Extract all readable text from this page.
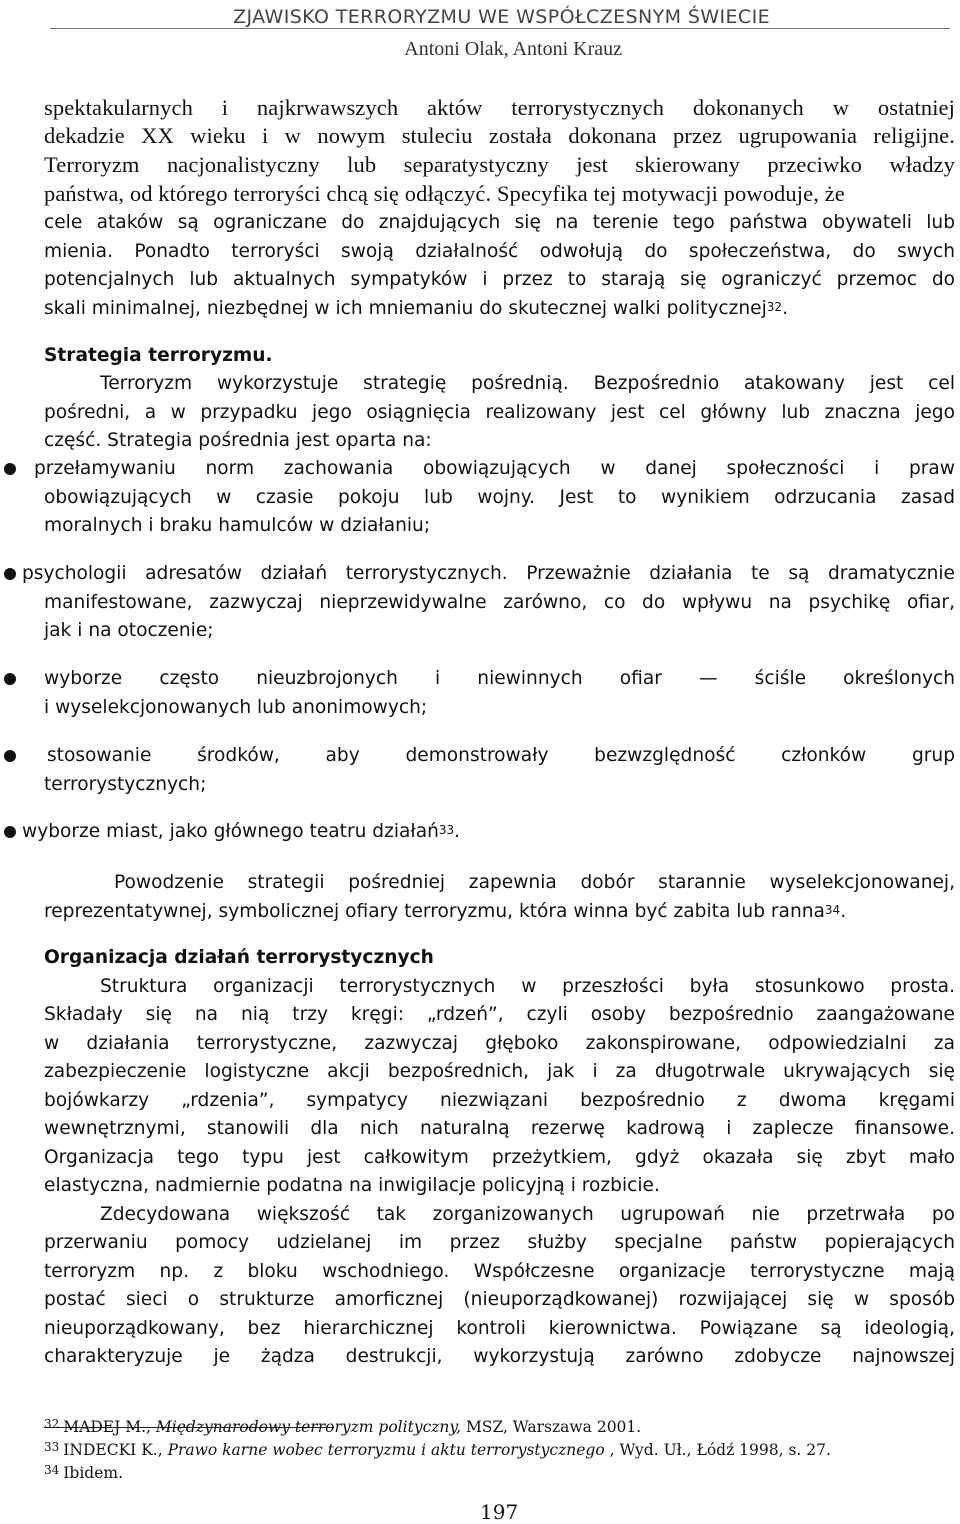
ZJAWISKO TERRORYZMU WE WSPÓŁCZESNYM ŚWIECIE
Antoni Olak, Antoni Krauz
spektakularnych i najkrwawszych aktów terrorystycznych dokonanych w ostatniej
dekadzie XX wieku i w nowym stuleciu została dokonana przez ugrupowania religijne.
Terroryzm nacjonalistyczny lub separatystyczny jest skierowany przeciwko władzy
państwa, od którego terroryści chcą się odłączyć. Specyfika tej motywacji powoduje, że
cele ataków są ograniczane do znajdujących się na terenie tego państwa obywateli lub
mienia. Ponadto terroryści swoją działalność odwołują do społeczeństwa, do swych
potencjalnych lub aktualnych sympatyków i przez to starają się ograniczyć przemoc do
skali minimalnej, niezbędnej w ich mniemaniu do skutecznej walki politycznej$^{32}$.
Strategia terroryzmu.
Terroryzm wykorzystuje strategię pośrednią. Bezpośrednio atakowany jest cel
pośredni, a w przypadku jego osiągnięcia realizowany jest cel główny lub znaczna jego
część. Strategia pośrednia jest oparta na:
przełamywaniu norm zachowania obowiązujących w danej społeczności i praw
obowiązujących w czasie pokoju lub wojny. Jest to wynikiem odrzucania zasad
moralnych i braku hamulców w działaniu;
psychologii adresatów działań terrorystycznych. Przeważnie działania te są dramatycznie
manifestowane, zazwyczaj nieprzewidywalne zarówno, co do wpływu na psychikę ofiar,
jak i na otoczenie;
wyborze często nieuzbrojonych i niewinnych ofiar — ściśle określonych
i wyselekcjonowanych lub anonimowych;
stosowanie środków, aby demonstrowały bezwzględność członków grup
terrorystycznych;
wyborze miast, jako głównego teatru działań$^{33}$.
Powodzenie strategii pośredniej zapewnia dobór starannie wyselekcjonowanej,
reprezentatywnej, symbolicznej ofiary terroryzmu, która winna być zabita lub ranna$^{34}$.
Organizacja działań terrorystycznych
Struktura organizacji terrorystycznych w przeszłości była stosunkowo prosta.
Składały się na nią trzy kręgi: „rdzeń”, czyli osoby bezpośrednio zaangażowane
w działania terrorystyczne, zazwyczaj głęboko zakonspirowane, odpowiedzialni za
zabezpieczenie logistyczne akcji bezpośrednich, jak i za długotrwale ukrywających się
bojówkarzy „rdzenia”, sympatycy niezwiązani bezpośrednio z dwoma kręgami
wewnętrznymi, stanowili dla nich naturalną rezerwę kadrową i zaplecze finansowe.
Organizacja tego typu jest całkowitym przeżytkiem, gdyż okazała się zbyt mało
elastyczna, nadmiernie podatna na inwigilacje policyjną i rozbicie.
Zdecydowana większość tak zorganizowanych ugrupowań nie przetrwała po
przerwaniu pomocy udzielanej im przez służby specjalne państw popierających
terroryzm np. z bloku wschodniego. Współczesne organizacje terrorystyczne mają
postać sieci o strukturze amorficznej (nieuporządkowanej) rozwijającej się w sposób
nieuporządkowany, bez hierarchicznej kontroli kierownictwa. Powiązane są ideologią,
charakteryzuje je żądza destrukcji, wykorzystują zarówno zdobycze najnowszej
$^{32}$ MADEJ M., Międzynarodowy terroryzm polityczny, MSZ, Warszawa 2001.
$^{33}$ INDECKI K., Prawo karne wobec terroryzmu i aktu terrorystycznego , Wyd. Uł., Łódź 1998, s. 27.
$^{34}$ Ibidem.
197
